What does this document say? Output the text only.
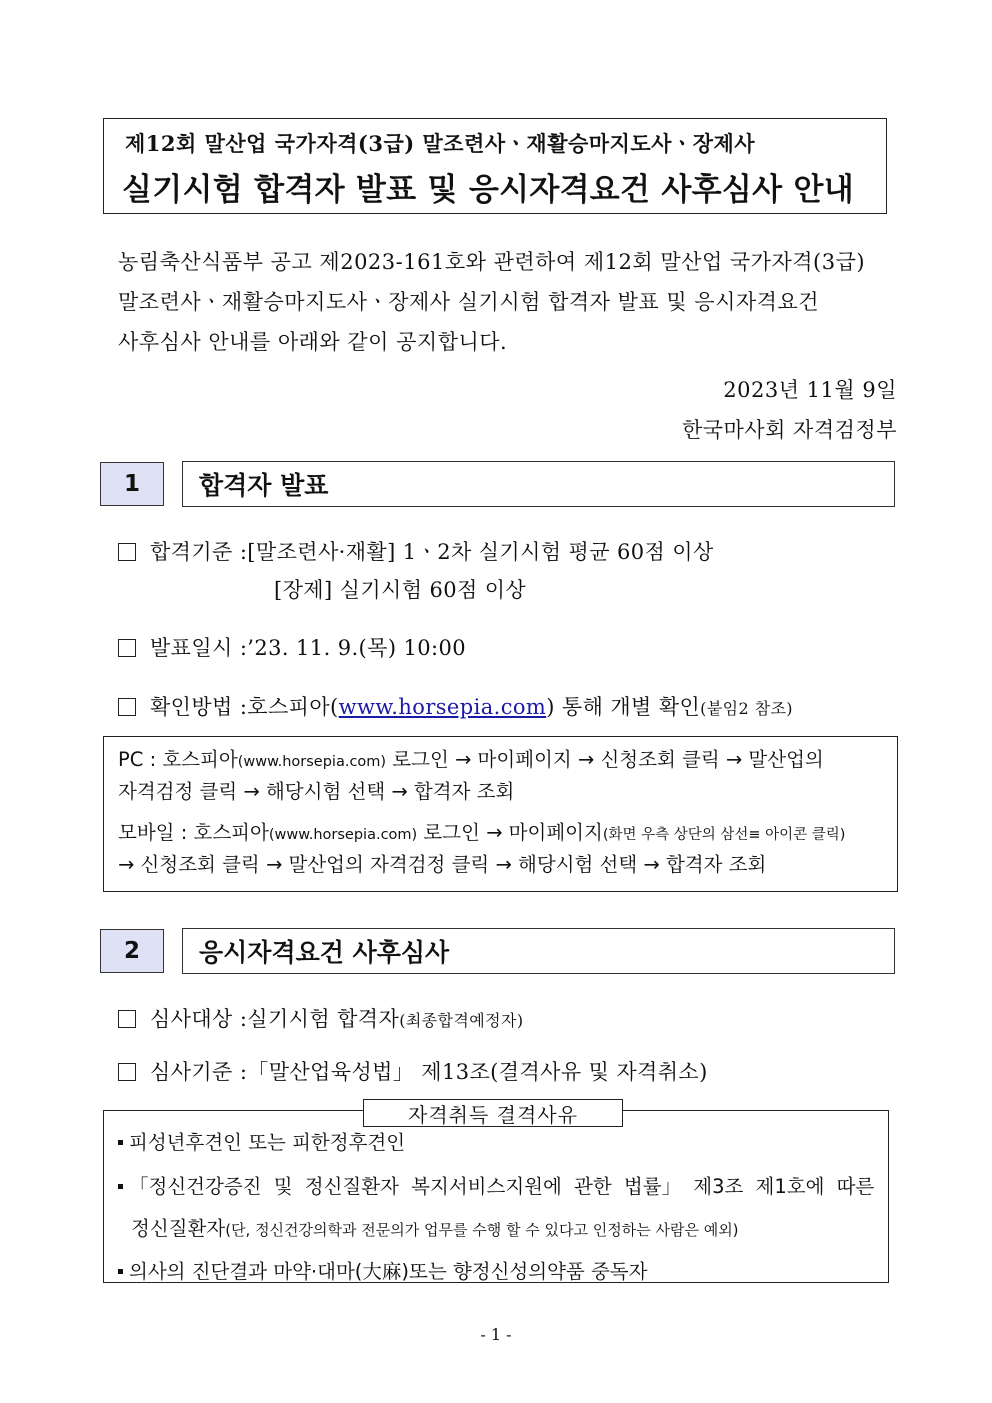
제12회 말산업 국가자격(3급) 말조련사ㆍ재활승마지도사ㆍ장제사
실기시험 합격자 발표 및 응시자격요건 사후심사 안내
농림축산식품부 공고 제2023-161호와 관련하여 제12회 말산업 국가자격(3급)
말조련사ㆍ재활승마지도사ㆍ장제사 실기시험 합격자 발표 및 응시자격요건
사후심사 안내를 아래와 같이 공지합니다.
2023년 11월 9일
한국마사회 자격검정부
1	합격자 발표
합격기준 : [말조련사·재활] 1ㆍ2차 실기시험 평균 60점 이상
[장제] 실기시험 60점 이상
발표일시 : ’23. 11. 9.(목) 10:00
확인방법 : 호스피아( www.horsepia.com ) 통해 개별 확인 (붙임2 참조)

PC : 호스피아(www.horsepia.com) 로그인 → 마이페이지 → 신청조회 클릭 → 말산업의

자격검정 클릭 → 해당시험 선택 → 합격자 조회

모바일 : 호스피아(www.horsepia.com) 로그인 → 마이페이지(화면 우측 상단의 삼선≡ 아이콘 클릭)

→ 신청조회 클릭 → 말산업의 자격검정 클릭 → 해당시험 선택 → 합격자 조회

2	응시자격요건 사후심사
심사대상 : 실기시험 합격자 (최종합격예정자)
심사기준 : 「말산업육성법」 제13조(결격사유 및 자격취소)
자격취득 결격사유
피성년후견인 또는 피한정후견인
「정신건강증진 및 정신질환자 복지서비스지원에 관한 법률」 제3조 제1호에 따른
정신질환자(단, 정신건강의학과 전문의가 업무를 수행 할 수 있다고 인정하는 사람은 예외)
의사의 진단결과 마약·대마(大麻)또는 향정신성의약품 중독자
- 1 -
